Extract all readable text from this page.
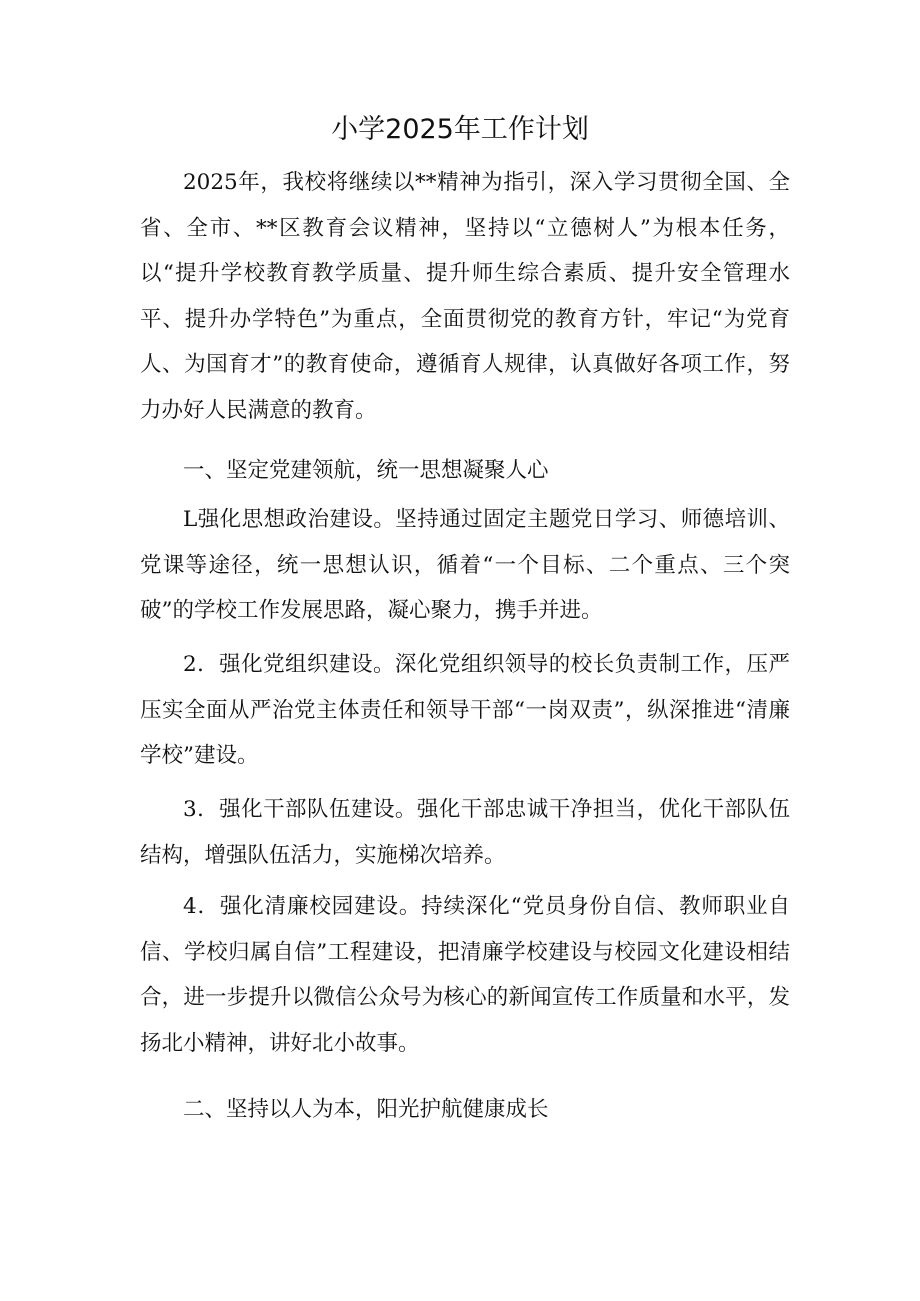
小学2025年工作计划

2025年，我校将继续以**精神为指引，深入学习贯彻全国、全省、全市、**区教育会议精神，坚持以“立德树人”为根本任务，以“提升学校教育教学质量、提升师生综合素质、提升安全管理水平、提升办学特色”为重点，全面贯彻党的教育方针，牢记“为党育人、为国育才”的教育使命，遵循育人规律，认真做好各项工作，努力办好人民满意的教育。

一、坚定党建领航，统一思想凝聚人心

L强化思想政治建设。坚持通过固定主题党日学习、师德培训、党课等途径，统一思想认识，循着“一个目标、二个重点、三个突破”的学校工作发展思路，凝心聚力，携手并进。

2．强化党组织建设。深化党组织领导的校长负责制工作，压严压实全面从严治党主体责任和领导干部“一岗双责”，纵深推进“清廉学校”建设。

3．强化干部队伍建设。强化干部忠诚干净担当，优化干部队伍结构，增强队伍活力，实施梯次培养。

4．强化清廉校园建设。持续深化“党员身份自信、教师职业自信、学校归属自信”工程建设，把清廉学校建设与校园文化建设相结合，进一步提升以微信公众号为核心的新闻宣传工作质量和水平，发扬北小精神，讲好北小故事。

二、坚持以人为本，阳光护航健康成长
